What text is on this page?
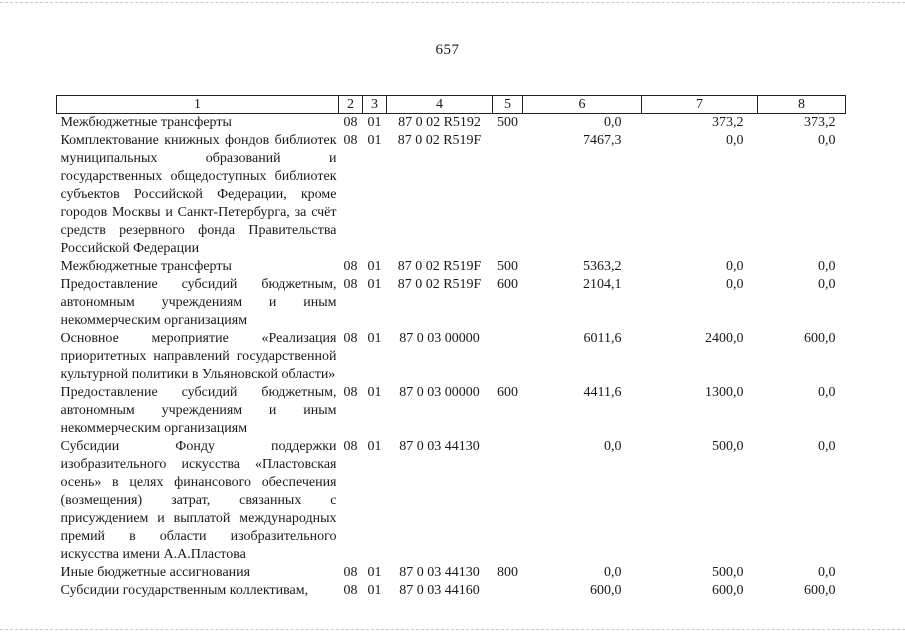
657
1	2	3	4	5	6	7	8
Межбюджетные трансферты	08	01	87 0 02 R5192	500	0,0	373,2	373,2
Комплектование книжных фондов библиотек муниципальных образований и государственных общедоступных библиотек субъектов Российской Федерации, кроме городов Москвы и Санкт-Петербурга, за счёт средств резервного фонда Правительства Российской Федерации	08	01	87 0 02 R519F		7467,3	0,0	0,0
Межбюджетные трансферты	08	01	87 0 02 R519F	500	5363,2	0,0	0,0
Предоставление субсидий бюджетным, автономным учреждениям и иным некоммерческим организациям	08	01	87 0 02 R519F	600	2104,1	0,0	0,0
Основное мероприятие «Реализация приоритетных направлений государственной культурной политики в Ульяновской области»	08	01	87 0 03 00000		6011,6	2400,0	600,0
Предоставление субсидий бюджетным, автономным учреждениям и иным некоммерческим организациям	08	01	87 0 03 00000	600	4411,6	1300,0	0,0
Субсидии Фонду поддержки изобразительного искусства «Пластовская осень» в целях финансового обеспечения (возмещения) затрат, связанных с присуждением и выплатой международных премий в области изобразительного искусства имени А.А.Пластова	08	01	87 0 03 44130		0,0	500,0	0,0
Иные бюджетные ассигнования	08	01	87 0 03 44130	800	0,0	500,0	0,0
Субсидии государственным коллективам,	08	01	87 0 03 44160		600,0	600,0	600,0
